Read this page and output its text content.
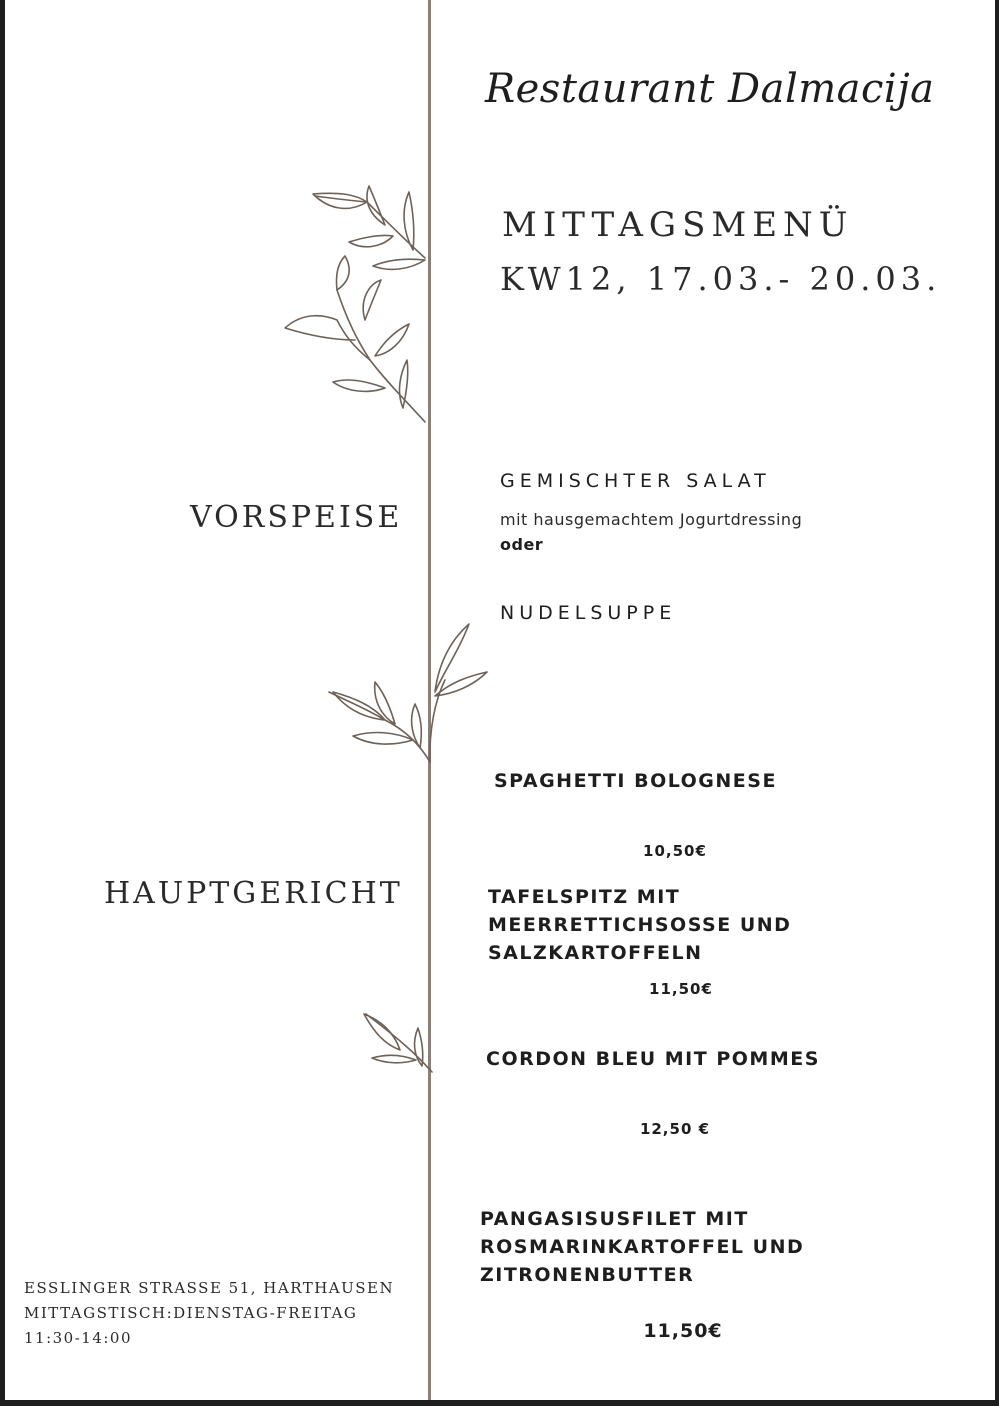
Restaurant Dalmacija
MITTAGSMENÜ
KW12, 17.03.- 20.03.
VORSPEISE
HAUPTGERICHT
GEMISCHTER SALAT
mit hausgemachtem Jogurtdressing
oder
NUDELSUPPE
SPAGHETTI BOLOGNESE
10,50€
TAFELSPITZ MIT
MEERRETTICHSOSSE UND
SALZKARTOFFELN
11,50€
CORDON BLEU MIT POMMES
12,50 €
PANGASISUSFILET MIT
ROSMARINKARTOFFEL UND
ZITRONENBUTTER
11,50€
ESSLINGER STRASSE 51, HARTHAUSEN
MITTAGSTISCH:DIENSTAG-FREITAG
11:30-14:00
